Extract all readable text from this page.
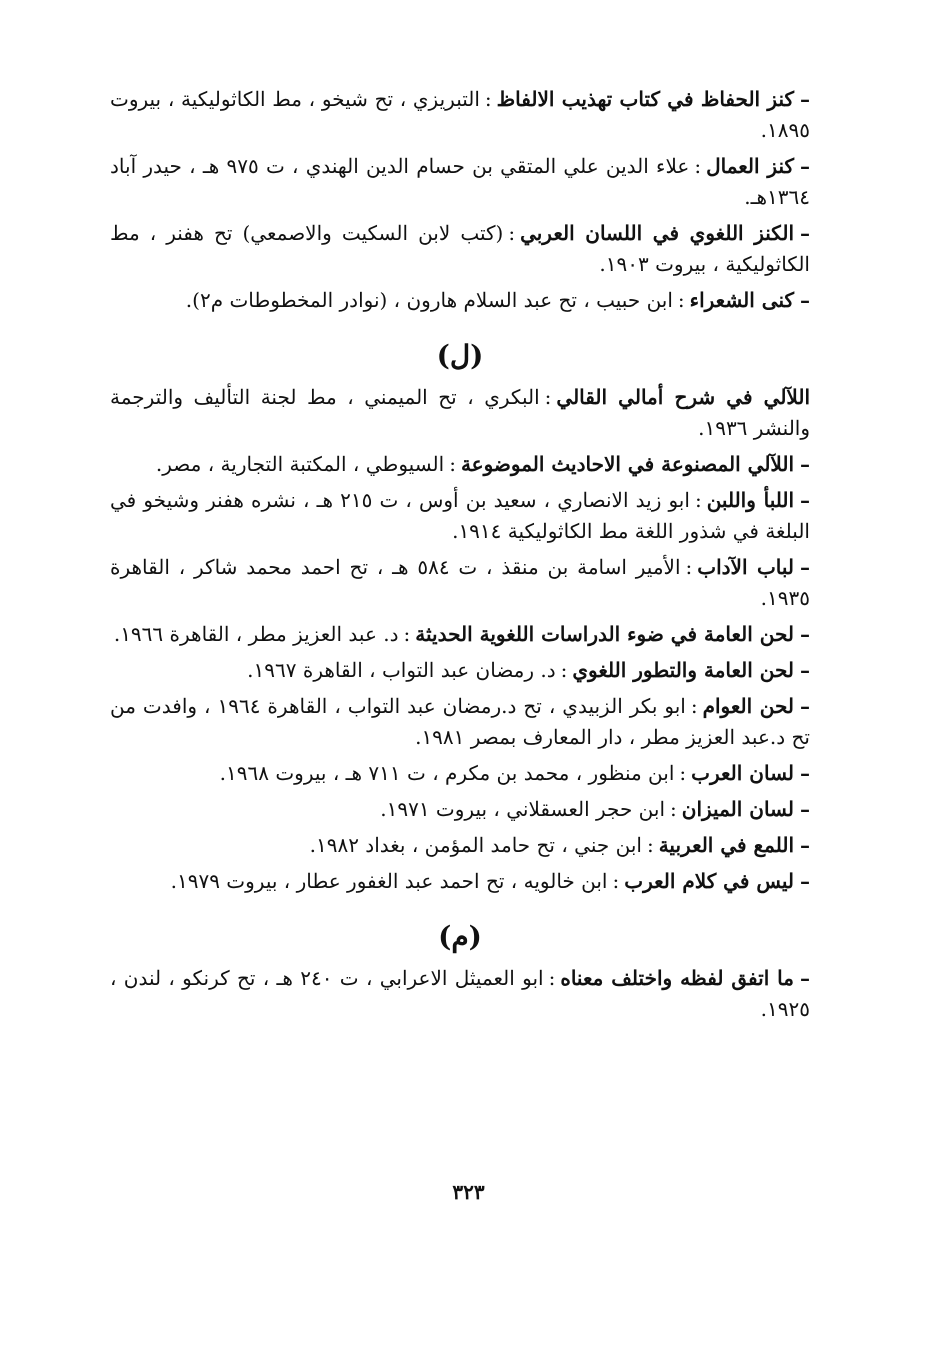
–كنز الحفاظ في كتاب تهذيب الالفاظ:التبريزي ، تح شيخو ، مط الكاثوليكية ، بيروت ١٨٩٥.

–كنز العمال:علاء الدين علي المتقي بن حسام الدين الهندي ، ت ٩٧٥ هـ ، حيدر آباد ١٣٦٤هـ.

–الكنز اللغوي في اللسان العربي:(كتب لابن السكيت والاصمعي) تح هفنر ، مط الكاثوليكية ، بيروت ١٩٠٣.

–كنى الشعراء:ابن حبيب ، تح عبد السلام هارون ، (نوادر المخطوطات م٢).

(ل)

اللآلي في شرح أمالي القالي:البكري ، تح الميمني ، مط لجنة التأليف والترجمة والنشر ١٩٣٦.

–اللآلي المصنوعة في الاحاديث الموضوعة:السيوطي ، المكتبة التجارية ، مصر.

–اللبأ واللبن:ابو زيد الانصاري ، سعيد بن أوس ، ت ٢١٥ هـ ، نشره هفنر وشيخو في البلغة في شذور اللغة مط الكاثوليكية ١٩١٤.

–لباب الآداب:الأمير اسامة بن منقذ ، ت ٥٨٤ هـ ، تح احمد محمد شاكر ، القاهرة ١٩٣٥.

–لحن العامة في ضوء الدراسات اللغوية الحديثة:د. عبد العزيز مطر ، القاهرة ١٩٦٦.

–لحن العامة والتطور اللغوي:د. رمضان عبد التواب ، القاهرة ١٩٦٧.

–لحن العوام:ابو بكر الزبيدي ، تح د.رمضان عبد التواب ، القاهرة ١٩٦٤ ، وافدت من تح د.عبد العزيز مطر ، دار المعارف بمصر ١٩٨١.

–لسان العرب:ابن منظور ، محمد بن مكرم ، ت ٧١١ هـ ، بيروت ١٩٦٨.

–لسان الميزان:ابن حجر العسقلاني ، بيروت ١٩٧١.

–اللمع في العربية:ابن جني ، تح حامد المؤمن ، بغداد ١٩٨٢.

–ليس في كلام العرب:ابن خالويه ، تح احمد عبد الغفور عطار ، بيروت ١٩٧٩.

(م)

–ما اتفق لفظه واختلف معناه:ابو العميثل الاعرابي ، ت ٢٤٠ هـ ، تح كرنكو ، لندن ، ١٩٢٥.

٣٢٣
